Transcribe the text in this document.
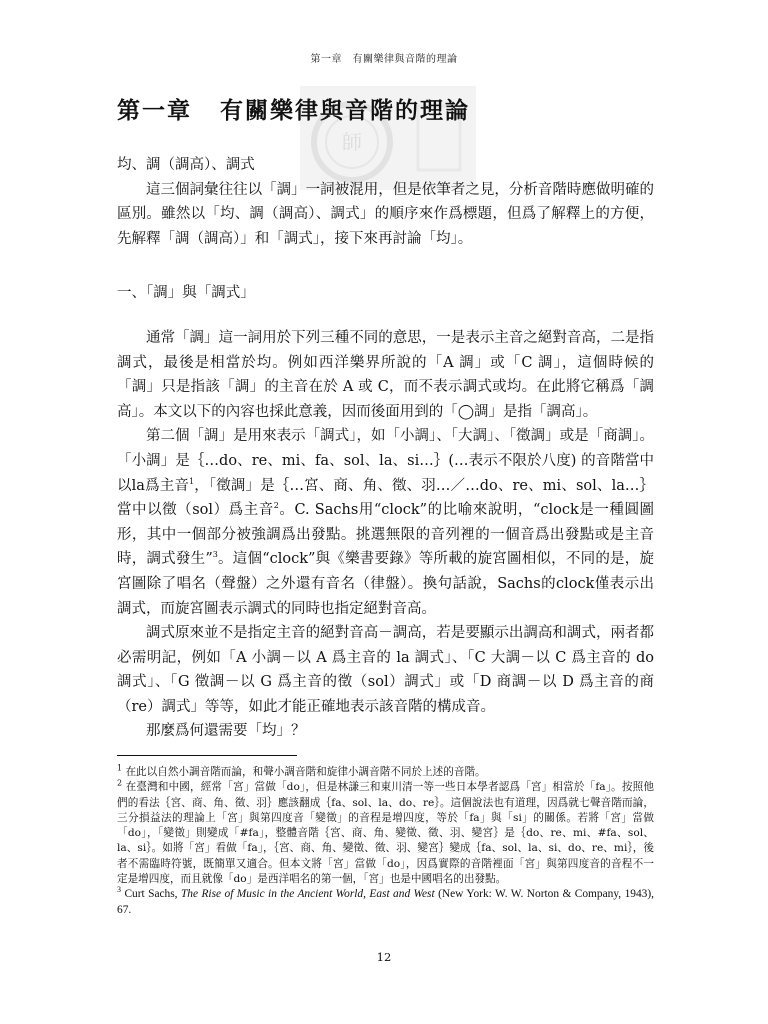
第一章　有關樂律與音階的理論
師
第一章 有關樂律與音階的理論

均、調（調高）、調式

這三個詞彙往往以「調」一詞被混用，但是依筆者之見，分析音階時應做明確的區別。雖然以「均、調（調高）、調式」的順序來作爲標題，但爲了解釋上的方便，先解釋「調（調高）」和「調式」，接下來再討論「均」。

一、「調」與「調式」

通常「調」這一詞用於下列三種不同的意思，一是表示主音之絕對音高，二是指調式，最後是相當於均。例如西洋樂界所說的「A 調」或「C 調」，這個時候的「調」只是指該「調」的主音在於 A 或 C，而不表示調式或均。在此將它稱爲「調高」。本文以下的內容也採此意義，因而後面用到的「◯調」是指「調高」。

第二個「調」是用來表示「調式」，如「小調」、「大調」、「徵調」或是「商調」。「小調」是｛…do、re、mi、fa、sol、la、si…｝(…表示不限於八度) 的音階當中以la爲主音$^1$，「徵調」是｛…宮、商、角、徵、羽…／…do、re、mi、sol、la…｝當中以徵（sol）爲主音$^2$。C. Sachs用“clock”的比喻來說明，“clock是一種圓圖形，其中一個部分被強調爲出發點。挑選無限的音列裡的一個音爲出發點或是主音時，調式發生”$^3$。這個“clock”與《樂書要錄》等所載的旋宮圖相似，不同的是，旋宮圖除了唱名（聲盤）之外還有音名（律盤）。換句話說，Sachs的clock僅表示出調式，而旋宮圖表示調式的同時也指定絕對音高。

調式原來並不是指定主音的絕對音高－調高，若是要顯示出調高和調式，兩者都必需明記，例如「A 小調－以 A 爲主音的 la 調式」、「C 大調－以 C 爲主音的 do 調式」、「G 徵調－以 G 爲主音的徵（sol）調式」或「D 商調－以 D 爲主音的商（re）調式」等等，如此才能正確地表示該音階的構成音。

那麼爲何還需要「均」？

$^1$ 在此以自然小調音階而論，和聲小調音階和旋律小調音階不同於上述的音階。

$^2$ 在臺灣和中國，經常「宮」當做「do」，但是林謙三和東川清一等一些日本學者認爲「宮」相當於「fa」。按照他們的看法｛宮、商、角、徵、羽｝應該翻成｛fa、sol、la、do、re｝。這個說法也有道理，因爲就七聲音階而論，三分損益法的理論上「宮」與第四度音「變徵」的音程是增四度，等於「fa」與「si」的關係。若將「宮」當做「do」，「變徵」則變成「#fa」，整體音階｛宮、商、角、變徵、徵、羽、變宮｝是｛do、re、mi、#fa、sol、la、si｝。如將「宮」看做「fa」，｛宮、商、角、變徵、徵、羽、變宮｝變成｛fa、sol、la、si、do、re、mi｝，後者不需臨時符號，既簡單又適合。但本文將「宮」當做「do」，因爲實際的音階裡面「宮」與第四度音的音程不一定是增四度，而且就像「do」是西洋唱名的第一個，「宮」也是中國唱名的出發點。

$^3$ Curt Sachs, The Rise of Music in the Ancient World, East and West (New York: W. W. Norton & Company, 1943), 67.

12
